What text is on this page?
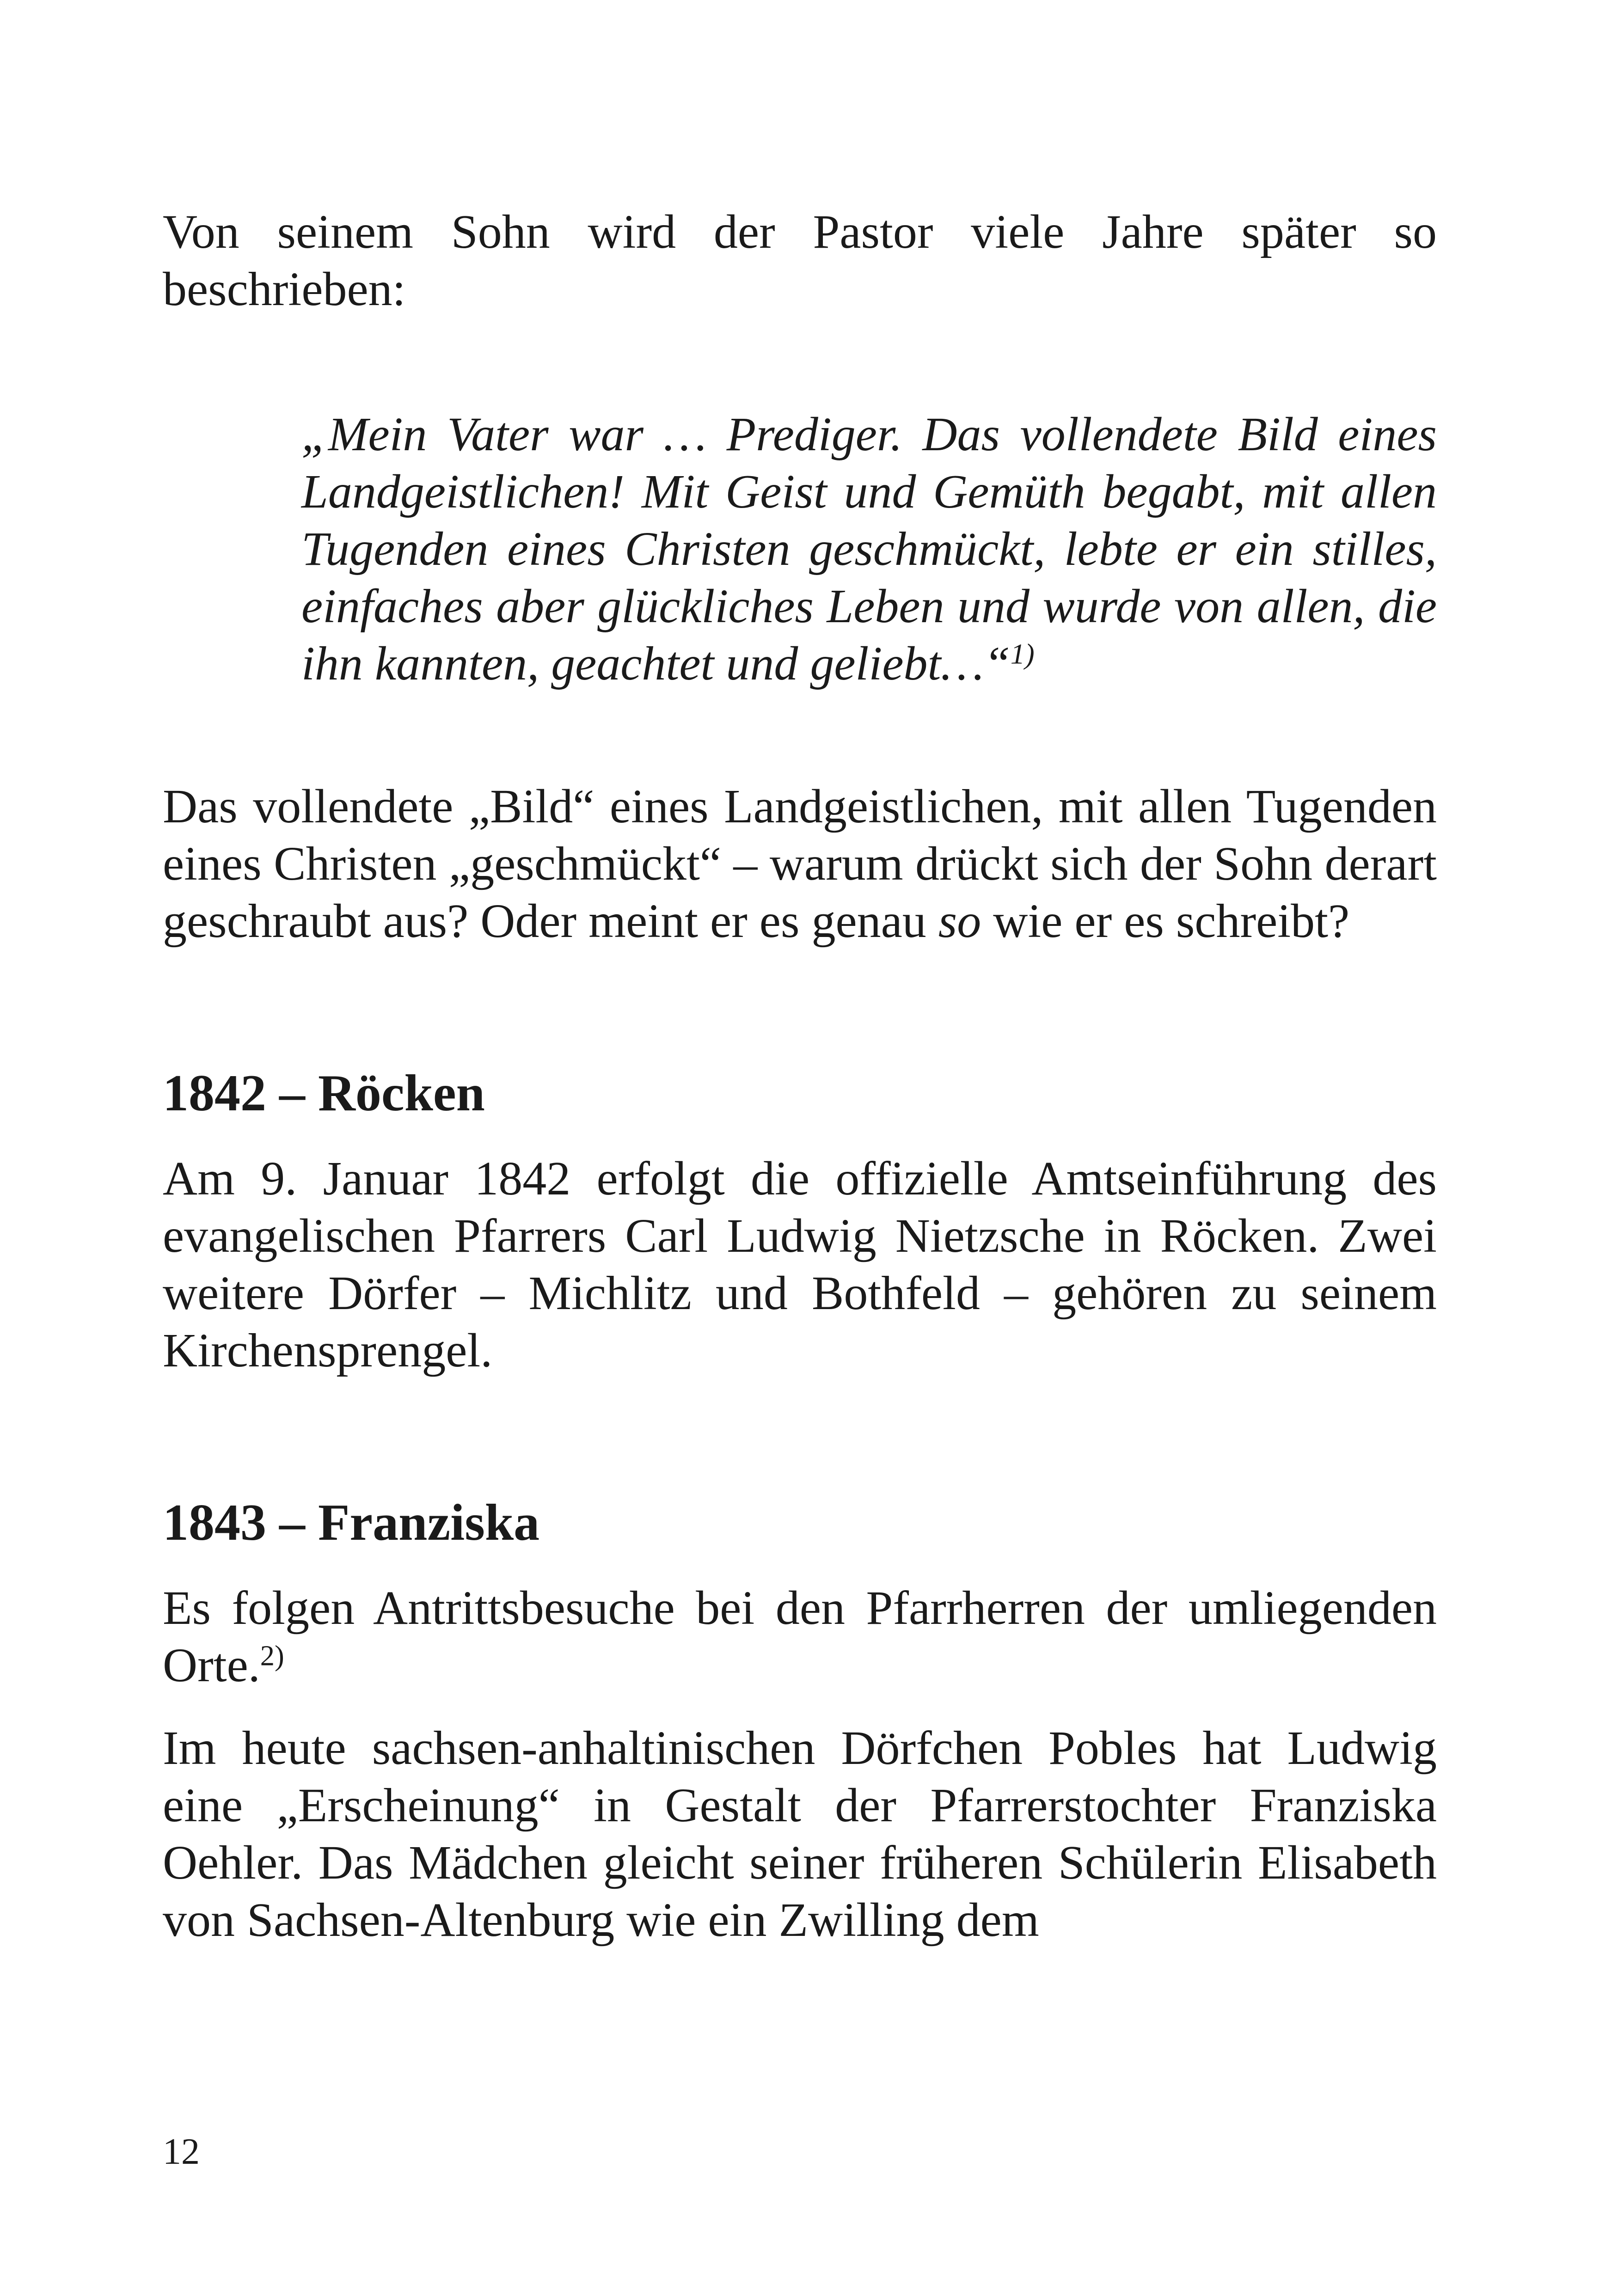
Von seinem Sohn wird der Pastor viele Jahre später so beschrieben:

„Mein Vater war … Prediger. Das vollendete Bild eines Landgeistlichen! Mit Geist und Gemüth begabt, mit allen Tugenden eines Christen geschmückt, lebte er ein stilles, einfaches aber glückliches Leben und wurde von allen, die ihn kannten, geachtet und geliebt…“$^{1)}$

Das vollendete „Bild“ eines Landgeistlichen, mit allen Tugenden eines Christen „geschmückt“ – warum drückt sich der Sohn derart geschraubt aus? Oder meint er es genau so wie er es schreibt?

1842 – Röcken

Am 9. Januar 1842 erfolgt die offizielle Amtseinführung des evangelischen Pfarrers Carl Ludwig Nietzsche in Röcken. Zwei weitere Dörfer – Michlitz und Bothfeld – gehören zu seinem Kirchensprengel.

1843 – Franziska

Es folgen Antrittsbesuche bei den Pfarrherren der umliegenden Orte.$^{2)}$

Im heute sachsen-anhaltinischen Dörfchen Pobles hat Ludwig eine „Erscheinung“ in Gestalt der Pfarrerstochter Franziska Oehler. Das Mädchen gleicht seiner früheren Schülerin Elisabeth von Sachsen-Altenburg wie ein Zwilling dem

12
